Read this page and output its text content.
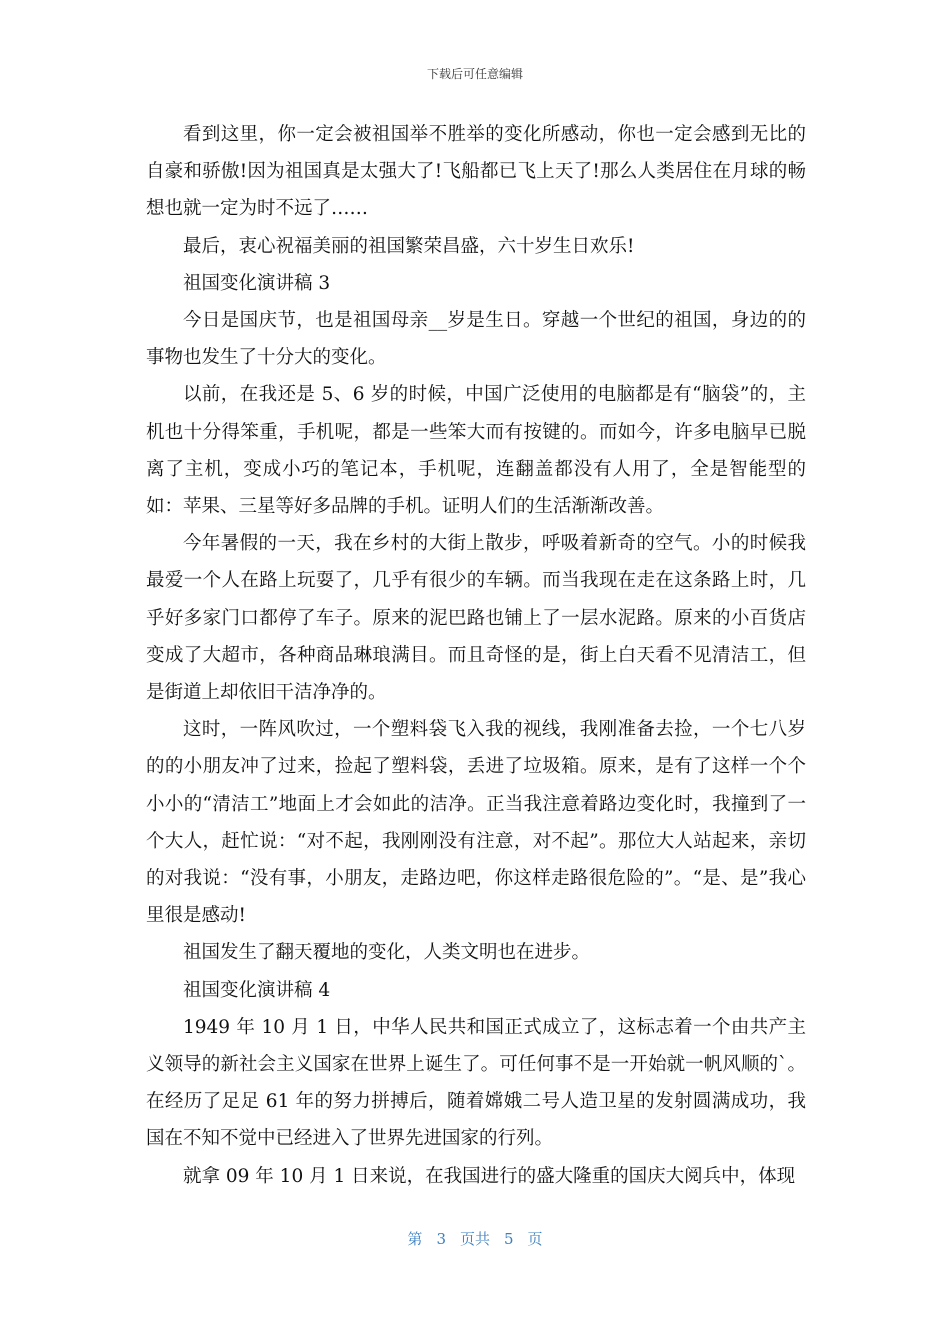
下载后可任意编辑

看到这里，你一定会被祖国举不胜举的变化所感动，你也一定会感到无比的自豪和骄傲!因为祖国真是太强大了!飞船都已飞上天了!那么人类居住在月球的畅想也就一定为时不远了……

最后，衷心祝福美丽的祖国繁荣昌盛，六十岁生日欢乐!

祖国变化演讲稿 3

今日是国庆节，也是祖国母亲__岁是生日。穿越一个世纪的祖国，身边的的事物也发生了十分大的变化。

以前，在我还是 5、6 岁的时候，中国广泛使用的电脑都是有“脑袋”的，主机也十分得笨重，手机呢，都是一些笨大而有按键的。而如今，许多电脑早已脱离了主机，变成小巧的笔记本，手机呢，连翻盖都没有人用了，全是智能型的如：苹果、三星等好多品牌的手机。证明人们的生活渐渐改善。

今年暑假的一天，我在乡村的大街上散步，呼吸着新奇的空气。小的时候我最爱一个人在路上玩耍了，几乎有很少的车辆。而当我现在走在这条路上时，几乎好多家门口都停了车子。原来的泥巴路也铺上了一层水泥路。原来的小百货店变成了大超市，各种商品琳琅满目。而且奇怪的是，街上白天看不见清洁工，但是街道上却依旧干洁净净的。

这时，一阵风吹过，一个塑料袋飞入我的视线，我刚准备去捡，一个七八岁的的小朋友冲了过来，捡起了塑料袋，丢进了垃圾箱。原来，是有了这样一个个小小的“清洁工”地面上才会如此的洁净。正当我注意着路边变化时，我撞到了一个大人，赶忙说：“对不起，我刚刚没有注意，对不起”。那位大人站起来，亲切的对我说：“没有事，小朋友，走路边吧，你这样走路很危险的”。“是、是”我心里很是感动!

祖国发生了翻天覆地的变化，人类文明也在进步。

祖国变化演讲稿 4

1949 年 10 月 1 日，中华人民共和国正式成立了，这标志着一个由共产主义领导的新社会主义国家在世界上诞生了。可任何事不是一开始就一帆风顺的`。在经历了足足 61 年的努力拼搏后，随着嫦娥二号人造卫星的发射圆满成功，我国在不知不觉中已经进入了世界先进国家的行列。

就拿 09 年 10 月 1 日来说，在我国进行的盛大隆重的国庆大阅兵中，体现

第 3 页共 5 页
